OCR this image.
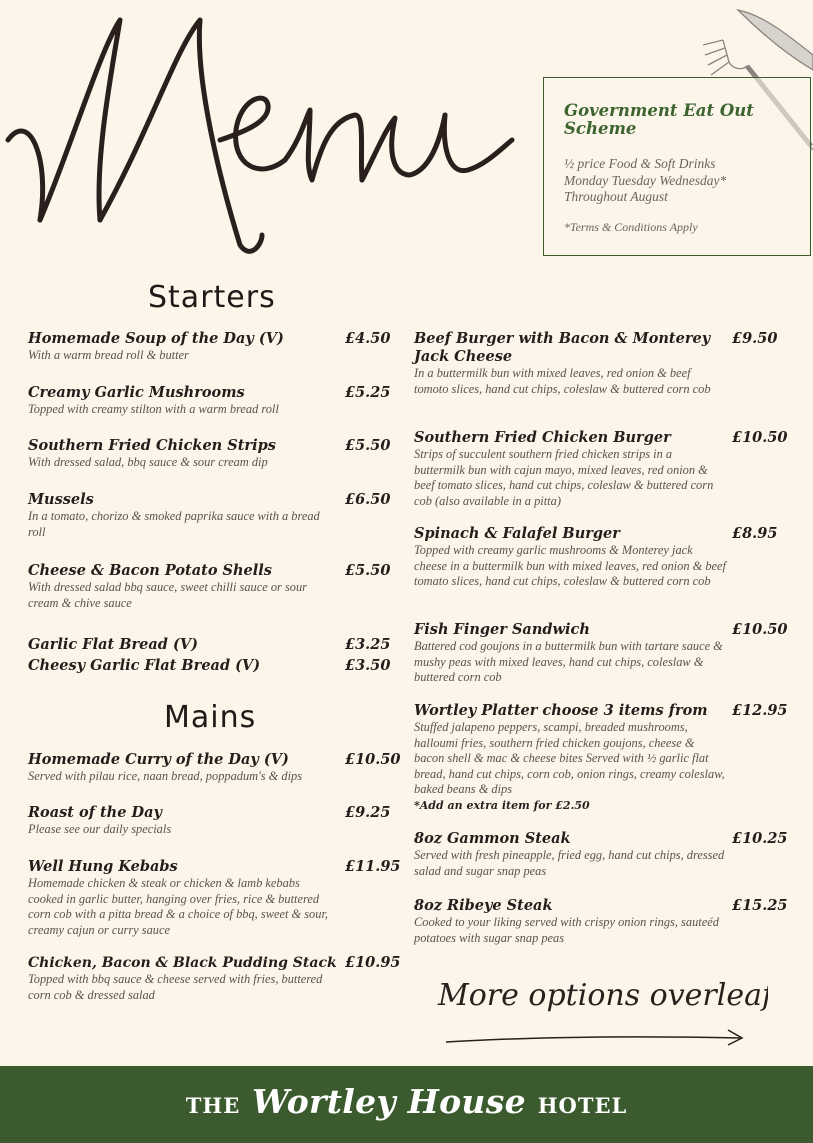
Government Eat Out Scheme
½ price Food & Soft Drinks
Monday Tuesday Wednesday*
Throughout August
*Terms & Conditions Apply
Starters
Homemade Soup of the Day (V)	£4.50
With a warm bread roll & butter
Creamy Garlic Mushrooms	£5.25
Topped with creamy stilton with a warm bread roll
Southern Fried Chicken Strips	£5.50
With dressed salad, bbq sauce & sour cream dip
Mussels	£6.50
In a tomato, chorizo & smoked paprika sauce with a bread roll
Cheese & Bacon Potato Shells	£5.50
With dressed salad bbq sauce, sweet chilli sauce or sour cream & chive sauce
Garlic Flat Bread (V)	£3.25
Cheesy Garlic Flat Bread (V)	£3.50
Mains
Homemade Curry of the Day (V)	£10.50
Served with pilau rice, naan bread, poppadum's & dips
Roast of the Day	£9.25
Please see our daily specials
Well Hung Kebabs	£11.95
Homemade chicken & steak or chicken & lamb kebabs cooked in garlic butter, hanging over fries, rice & buttered corn cob with a pitta bread & a choice of bbq, sweet & sour, creamy cajun or curry sauce
Chicken, Bacon & Black Pudding Stack £10.95
Topped with bbq sauce & cheese served with fries, buttered corn cob & dressed salad
Beef Burger with Bacon & Monterey Jack Cheese
£9.50
In a buttermilk bun with mixed leaves, red onion & beef tomoto slices, hand cut chips, coleslaw & buttered corn cob
Southern Fried Chicken Burger	£10.50
Strips of succulent southern fried chicken strips in a buttermilk bun with cajun mayo, mixed leaves, red onion & beef tomato slices, hand cut chips, coleslaw & buttered corn cob (also available in a pitta)
Spinach & Falafel Burger	£8.95
Topped with creamy garlic mushrooms & Monterey jack cheese in a buttermilk bun with mixed leaves, red onion & beef tomato slices, hand cut chips, coleslaw & buttered corn cob
Fish Finger Sandwich	£10.50
Battered cod goujons in a buttermilk bun with tartare sauce & mushy peas with mixed leaves, hand cut chips, coleslaw & buttered corn cob
Wortley Platter choose 3 items from	£12.95
Stuffed jalapeno peppers, scampi, breaded mushrooms, halloumi fries, southern fried chicken goujons, cheese & bacon shell & mac & cheese bites Served with ½ garlic flat bread, hand cut chips, corn cob, onion rings, creamy coleslaw, baked beans & dips
*Add an extra item for £2.50
8oz Gammon Steak	£10.25
Served with fresh pineapple, fried egg, hand cut chips, dressed salad and sugar snap peas
8oz Ribeye Steak	£15.25
Cooked to your liking served with crispy onion rings, sauteéd potatoes with sugar snap peas
More options overleaf
THE Wortley House HOTEL
